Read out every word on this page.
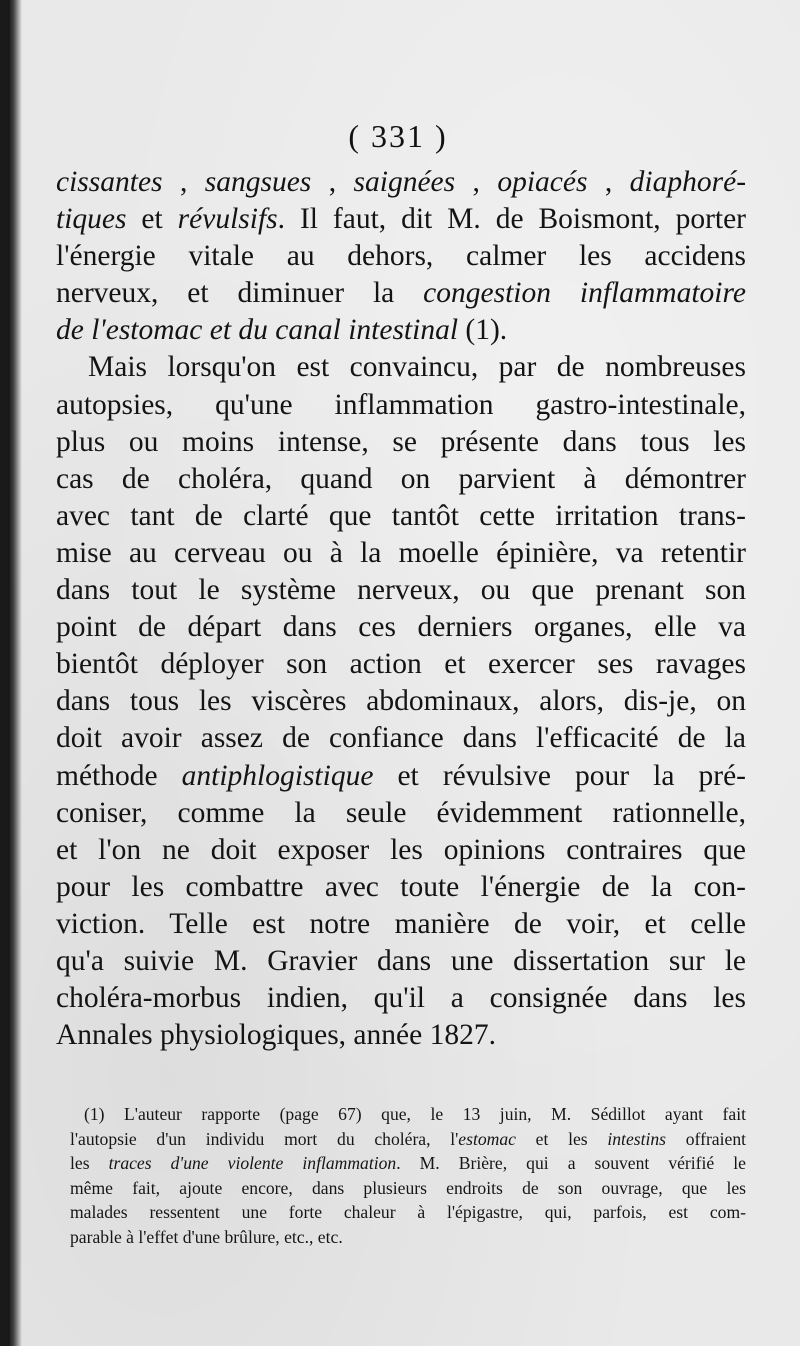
( 331 )
cissantes , sangsues , saignées , opiacés , diaphoré-
tiques et révulsifs. Il faut, dit M. de Boismont, porter
l'énergie vitale au dehors, calmer les accidens
nerveux, et diminuer la congestion inflammatoire
de l'estomac et du canal intestinal (1).
Mais lorsqu'on est convaincu, par de nombreuses
autopsies, qu'une inflammation gastro-intestinale,
plus ou moins intense, se présente dans tous les
cas de choléra, quand on parvient à démontrer
avec tant de clarté que tantôt cette irritation trans-
mise au cerveau ou à la moelle épinière, va retentir
dans tout le système nerveux, ou que prenant son
point de départ dans ces derniers organes, elle va
bientôt déployer son action et exercer ses ravages
dans tous les viscères abdominaux, alors, dis-je, on
doit avoir assez de confiance dans l'efficacité de la
méthode antiphlogistique et révulsive pour la pré-
coniser, comme la seule évidemment rationnelle,
et l'on ne doit exposer les opinions contraires que
pour les combattre avec toute l'énergie de la con-
viction. Telle est notre manière de voir, et celle
qu'a suivie M. Gravier dans une dissertation sur le
choléra-morbus indien, qu'il a consignée dans les
Annales physiologiques, année 1827.
(1) L'auteur rapporte (page 67) que, le 13 juin, M. Sédillot ayant fait
l'autopsie d'un individu mort du choléra, l'estomac et les intestins offraient
les traces d'une violente inflammation. M. Brière, qui a souvent vérifié le
même fait, ajoute encore, dans plusieurs endroits de son ouvrage, que les
malades ressentent une forte chaleur à l'épigastre, qui, parfois, est com-
parable à l'effet d'une brûlure, etc., etc.
